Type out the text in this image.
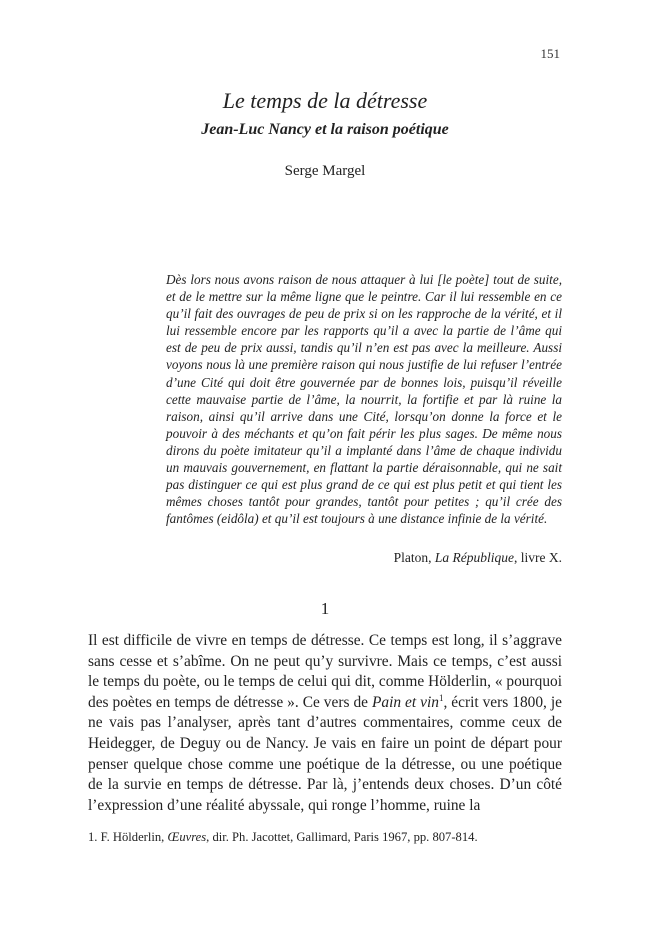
151
Le temps de la détresse
Jean-Luc Nancy et la raison poétique
Serge Margel

Dès lors nous avons raison de nous attaquer à lui [le poète] tout de suite, et de le mettre sur la même ligne que le peintre. Car il lui ressemble en ce qu’il fait des ouvrages de peu de prix si on les rapproche de la vérité, et il lui ressemble encore par les rapports qu’il a avec la partie de l’âme qui est de peu de prix aussi, tandis qu’il n’en est pas avec la meilleure. Aussi voyons nous là une première raison qui nous justifie de lui refuser l’entrée d’une Cité qui doit être gouvernée par de bonnes lois, puisqu’il réveille cette mauvaise partie de l’âme, la nourrit, la fortifie et par là ruine la raison, ainsi qu’il arrive dans une Cité, lorsqu’on donne la force et le pouvoir à des méchants et qu’on fait périr les plus sages. De même nous dirons du poète imitateur qu’il a implanté dans l’âme de chaque individu un mauvais gouvernement, en flattant la partie déraisonnable, qui ne sait pas distinguer ce qui est plus grand de ce qui est plus petit et qui tient les mêmes choses tantôt pour grandes, tantôt pour petites ; qu’il crée des fantômes (eidôla) et qu’il est toujours à une distance infinie de la vérité.

Platon, La République, livre X.
1

Il est difficile de vivre en temps de détresse. Ce temps est long, il s’aggrave sans cesse et s’abîme. On ne peut qu’y survivre. Mais ce temps, c’est aussi le temps du poète, ou le temps de celui qui dit, comme Hölderlin, « pourquoi des poètes en temps de détresse ». Ce vers de Pain et vin$^1$, écrit vers 1800, je ne vais pas l’analyser, après tant d’autres commentaires, comme ceux de Heidegger, de Deguy ou de Nancy. Je vais en faire un point de départ pour penser quelque chose comme une poétique de la détresse, ou une poétique de la survie en temps de détresse. Par là, j’entends deux choses. D’un côté l’expression d’une réalité abyssale, qui ronge l’homme, ruine la

1. F. Hölderlin, Œuvres, dir. Ph. Jacottet, Gallimard, Paris 1967, pp. 807-814.
